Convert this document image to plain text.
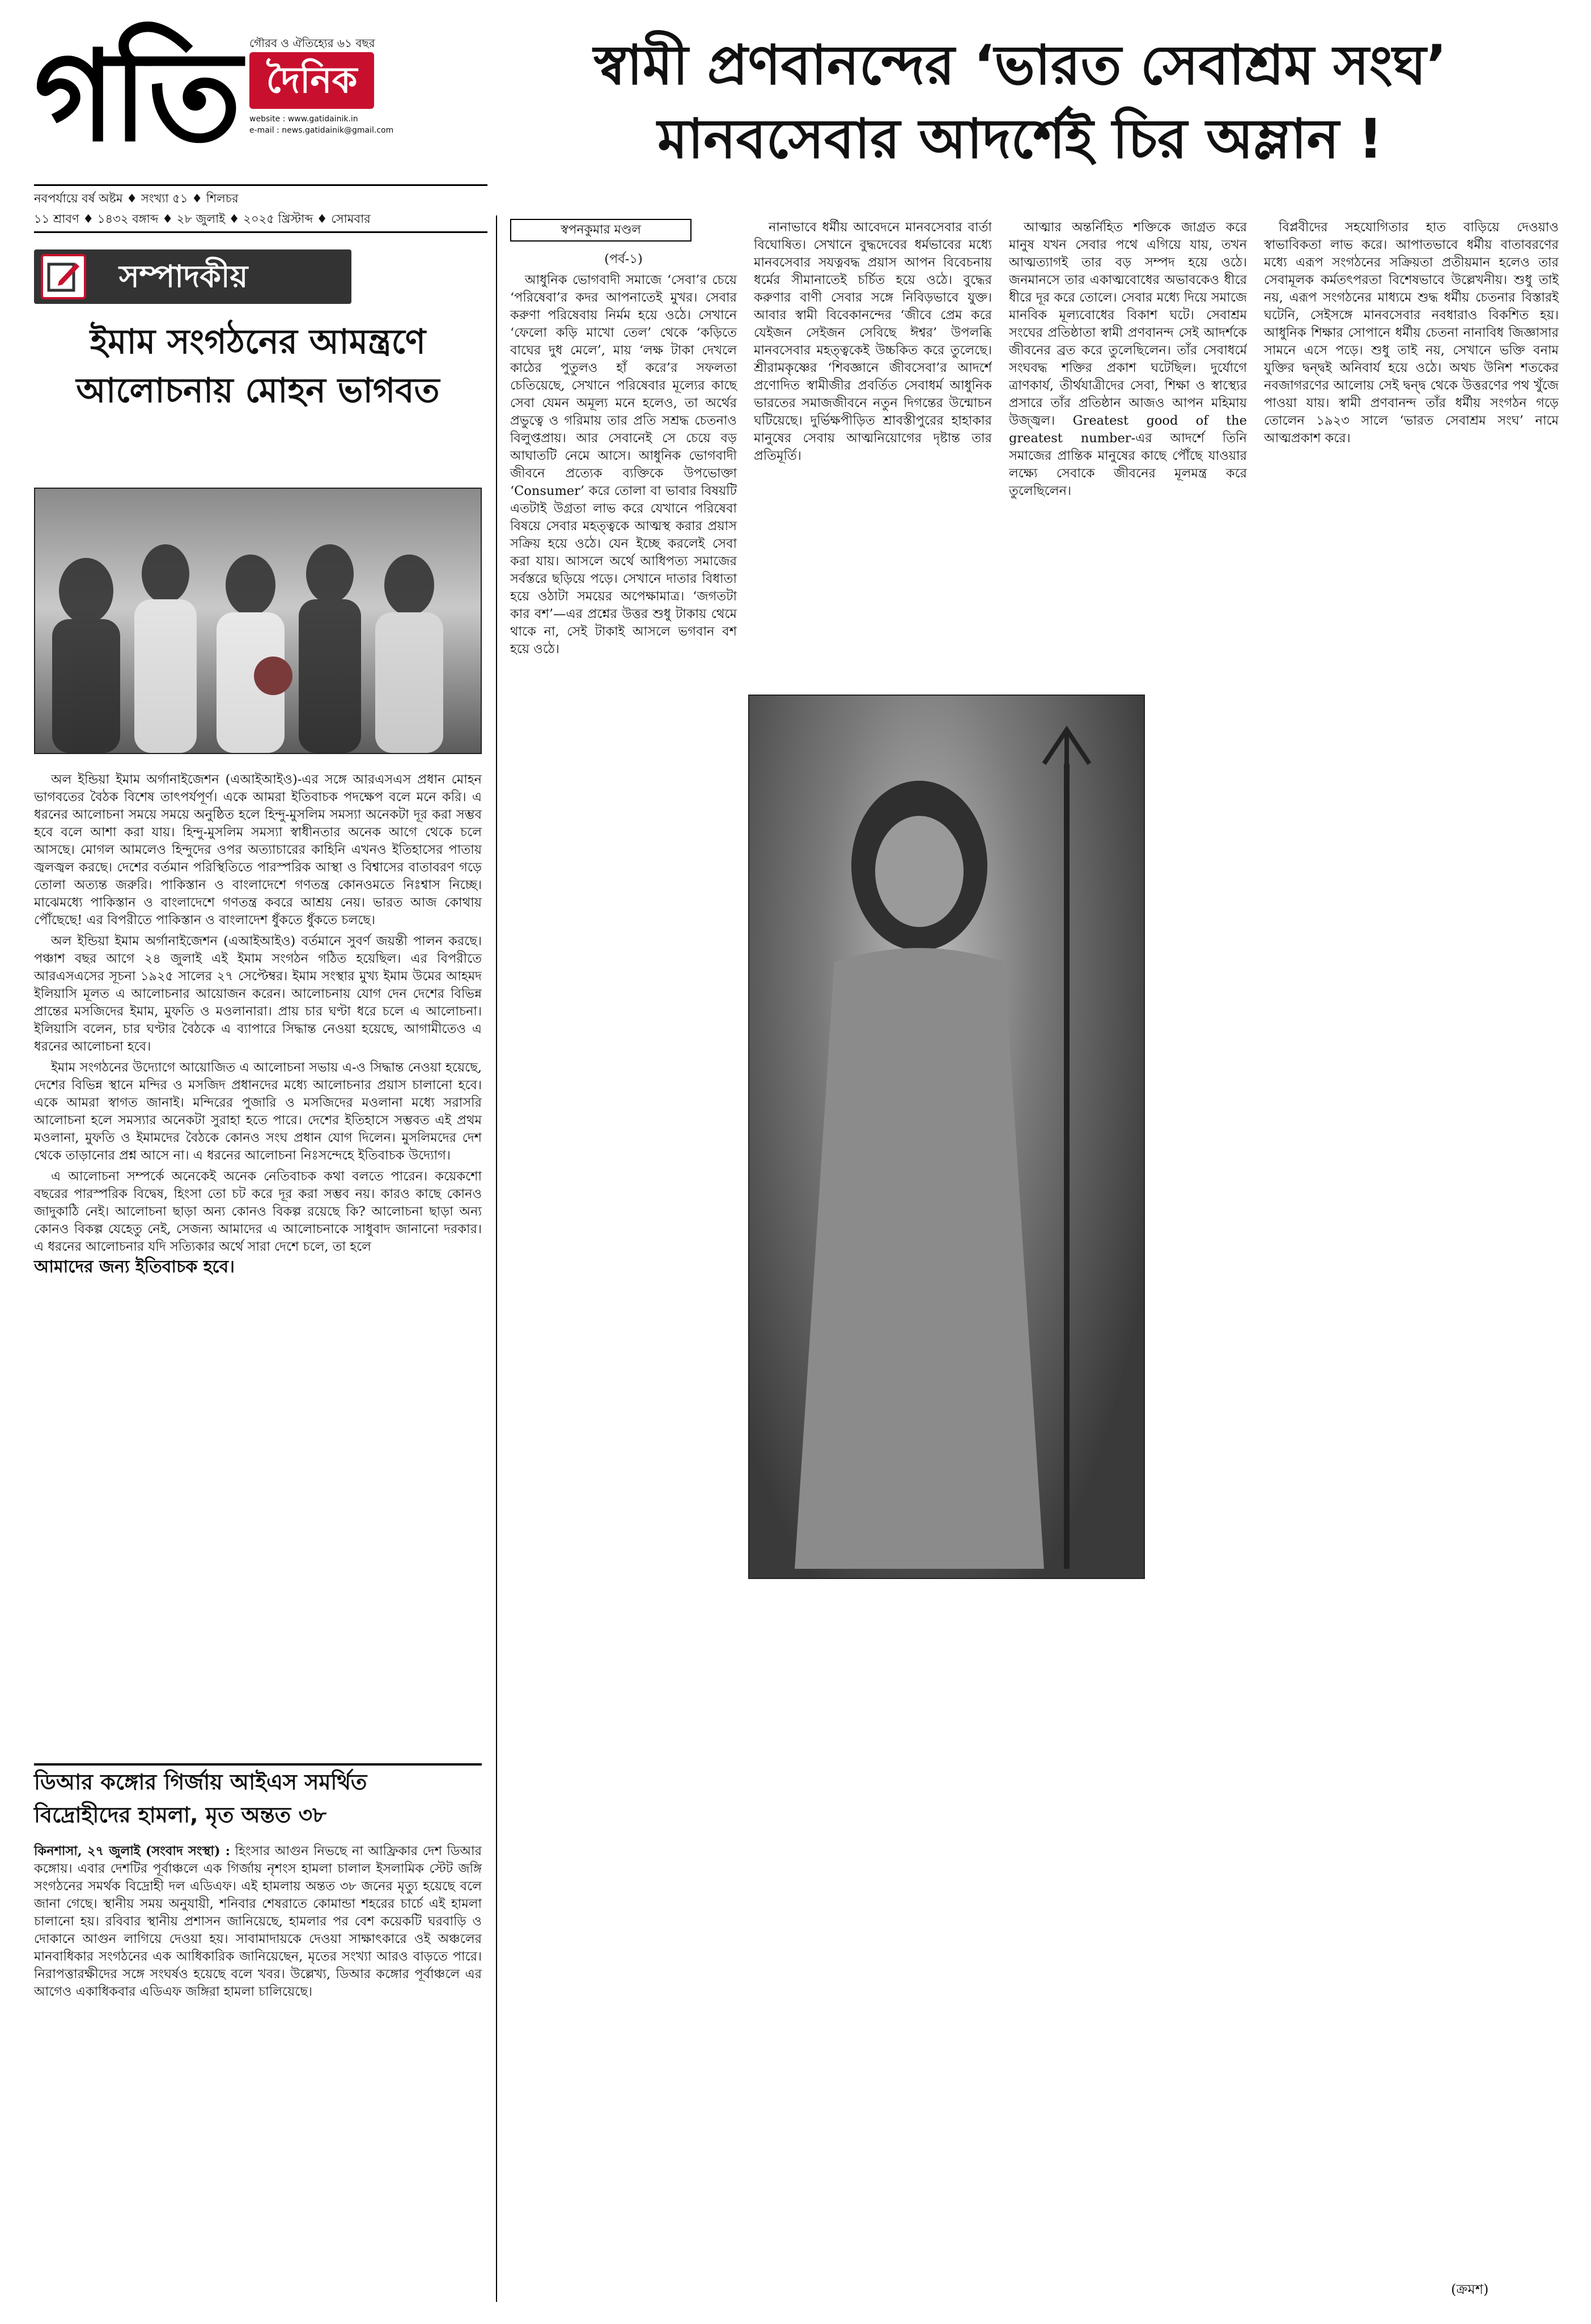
গতি গৌরব ও ঐতিহ্যের ৬১ বছর
দৈনিক
website : www.gatidainik.in
e-mail : news.gatidainik@gmail.com
স্বামী প্রণবানন্দের ‘ভারত সেবাশ্রম সংঘ’
মানবসেবার আদর্শেই চির অম্লান !
নবপর্যায়ে বর্ষ অষ্টম ♦ সংখ্যা ৫১ ♦ শিলচর
১১ শ্রাবণ ♦ ১৪৩২ বঙ্গাব্দ ♦ ২৮ জুলাই ♦ ২০২৫ খ্রিস্টাব্দ ♦ সোমবার
সম্পাদকীয়
ইমাম সংগঠনের আমন্ত্রণে
আলোচনায় মোহন ভাগবত

অল ইন্ডিয়া ইমাম অর্গানাইজেশন (এআইআইও)-এর সঙ্গে আরএসএস প্রধান মোহন ভাগবতের বৈঠক বিশেষ তাৎপর্যপূর্ণ। একে আমরা ইতিবাচক পদক্ষেপ বলে মনে করি। এ ধরনের আলোচনা সময়ে সময়ে অনুষ্ঠিত হলে হিন্দু-মুসলিম সমস্যা অনেকটা দূর করা সম্ভব হবে বলে আশা করা যায়। হিন্দু-মুসলিম সমস্যা স্বাধীনতার অনেক আগে থেকে চলে আসছে। মোগল আমলেও হিন্দুদের ওপর অত্যাচারের কাহিনি এখনও ইতিহাসের পাতায় জ্বলজ্বল করছে। দেশের বর্তমান পরিস্থিতিতে পারস্পরিক আস্থা ও বিশ্বাসের বাতাবরণ গড়ে তোলা অত্যন্ত জরুরি। পাকিস্তান ও বাংলাদেশে গণতন্ত্র কোনওমতে নিঃশ্বাস নিচ্ছে। মাঝেমধ্যে পাকিস্তান ও বাংলাদেশে গণতন্ত্র কবরে আশ্রয় নেয়। ভারত আজ কোথায় পৌঁছেছে! এর বিপরীতে পাকিস্তান ও বাংলাদেশ ধুঁকতে ধুঁকতে চলছে।

অল ইন্ডিয়া ইমাম অর্গানাইজেশন (এআইআইও) বর্তমানে সুবর্ণ জয়ন্তী পালন করছে। পঞ্চাশ বছর আগে ২৪ জুলাই এই ইমাম সংগঠন গঠিত হয়েছিল। এর বিপরীতে আরএসএসের সূচনা ১৯২৫ সালের ২৭ সেপ্টেম্বর। ইমাম সংস্থার মুখ্য ইমাম উমের আহমদ ইলিয়াসি মূলত এ আলোচনার আয়োজন করেন। আলোচনায় যোগ দেন দেশের বিভিন্ন প্রান্তের মসজিদের ইমাম, মুফতি ও মওলানারা। প্রায় চার ঘণ্টা ধরে চলে এ আলোচনা। ইলিয়াসি বলেন, চার ঘণ্টার বৈঠকে এ ব্যাপারে সিদ্ধান্ত নেওয়া হয়েছে, আগামীতেও এ ধরনের আলোচনা হবে।

ইমাম সংগঠনের উদ্যোগে আয়োজিত এ আলোচনা সভায় এ-ও সিদ্ধান্ত নেওয়া হয়েছে, দেশের বিভিন্ন স্থানে মন্দির ও মসজিদ প্রধানদের মধ্যে আলোচনার প্রয়াস চালানো হবে। একে আমরা স্বাগত জানাই। মন্দিরের পুজারি ও মসজিদের মওলানা মধ্যে সরাসরি আলোচনা হলে সমস্যার অনেকটা সুরাহা হতে পারে। দেশের ইতিহাসে সম্ভবত এই প্রথম মওলানা, মুফতি ও ইমামদের বৈঠকে কোনও সংঘ প্রধান যোগ দিলেন। মুসলিমদের দেশ থেকে তাড়ানোর প্রশ্ন আসে না। এ ধরনের আলোচনা নিঃসন্দেহে ইতিবাচক উদ্যোগ।

এ আলোচনা সম্পর্কে অনেকেই অনেক নেতিবাচক কথা বলতে পারেন। কয়েকশো বছরের পারস্পরিক বিদ্বেষ, হিংসা তো চট করে দূর করা সম্ভব নয়। কারও কাছে কোনও জাদুকাঠি নেই। আলোচনা ছাড়া অন্য কোনও বিকল্প রয়েছে কি? আলোচনা ছাড়া অন্য কোনও বিকল্প যেহেতু নেই, সেজন্য আমাদের এ আলোচনাকে সাধুবাদ জানানো দরকার। এ ধরনের আলোচনার যদি সত্যিকার অর্থে সারা দেশে চলে, তা হলে

আমাদের জন্য ইতিবাচক হবে।

ডিআর কঙ্গোর গির্জায় আইএস সমর্থিত
বিদ্রোহীদের হামলা, মৃত অন্তত ৩৮
কিনশাসা, ২৭ জুলাই (সংবাদ সংস্থা) : হিংসার আগুন নিভছে না আফ্রিকার দেশ ডিআর কঙ্গোয়। এবার দেশটির পূর্বাঞ্চলে এক গির্জায় নৃশংস হামলা চালাল ইসলামিক স্টেট জঙ্গি সংগঠনের সমর্থক বিদ্রোহী দল এডিএফ। এই হামলায় অন্তত ৩৮ জনের মৃত্যু হয়েছে বলে জানা গেছে। স্থানীয় সময় অনুযায়ী, শনিবার শেষরাতে কোমান্ডা শহরের চার্চে এই হামলা চালানো হয়। রবিবার স্থানীয় প্রশাসন জানিয়েছে, হামলার পর বেশ কয়েকটি ঘরবাড়ি ও দোকানে আগুন লাগিয়ে দেওয়া হয়। সাবামাদায়কে দেওয়া সাক্ষাৎকারে ওই অঞ্চলের মানবাধিকার সংগঠনের এক আধিকারিক জানিয়েছেন, মৃতের সংখ্যা আরও বাড়তে পারে। নিরাপত্তারক্ষীদের সঙ্গে সংঘর্ষও হয়েছে বলে খবর। উল্লেখ্য, ডিআর কঙ্গোর পূর্বাঞ্চলে এর আগেও একাধিকবার এডিএফ জঙ্গিরা হামলা চালিয়েছে।
স্বপনকুমার মণ্ডল
(পর্ব-১)

আধুনিক ভোগবাদী সমাজে ‘সেবা’র চেয়ে ‘পরিষেবা’র কদর আপনাতেই মুখর। সেবার করুণা পরিষেবায় নির্মম হয়ে ওঠে। সেখানে ‘ফেলো কড়ি মাখো তেল’ থেকে ‘কড়িতে বাঘের দুধ মেলে’, মায় ‘লক্ষ টাকা দেখলে কাঠের পুতুলও হাঁ করে’র সফলতা চেতিয়েছে, সেখানে পরিষেবার মূল্যের কাছে সেবা যেমন অমূল্য মনে হলেও, তা অর্থের প্রভুত্বে ও গরিমায় তার প্রতি সশ্রদ্ধ চেতনাও বিলুপ্তপ্রায়। আর সেবানেই সে চেয়ে বড় আঘাতটি নেমে আসে। আধুনিক ভোগবাদী জীবনে প্রত্যেক ব্যক্তিকে উপভোক্তা ‘Consumer’ করে তোলা বা ভাবার বিষয়টি এতটাই উগ্রতা লাভ করে যেখানে পরিষেবা বিষয়ে সেবার মহত্ত্বকে আত্মস্থ করার প্রয়াস সক্রিয় হয়ে ওঠে। যেন ইচ্ছে করলেই সেবা করা যায়। আসলে অর্থে আধিপত্য সমাজের সর্বস্তরে ছড়িয়ে পড়ে। সেখানে দাতার বিধাতা হয়ে ওঠাটা সময়ের অপেক্ষামাত্র। ‘জগতটা কার বশ’—এর প্রশ্নের উত্তর শুধু টাকায় থেমে থাকে না, সেই টাকাই আসলে ভগবান বশ হয়ে ওঠে।

নানাভাবে ধর্মীয় আবেদনে মানবসেবার বার্তা বিঘোষিত। সেখানে বুদ্ধদেবের ধর্মভাবের মধ্যে মানবসেবার সযত্নবদ্ধ প্রয়াস আপন বিবেচনায় ধর্মের সীমানাতেই চর্চিত হয়ে ওঠে। বুদ্ধের করুণার বাণী সেবার সঙ্গে নিবিড়ভাবে যুক্ত। আবার স্বামী বিবেকানন্দের ‘জীবে প্রেম করে যেইজন সেইজন সেবিছে ঈশ্বর’ উপলব্ধি মানবসেবার মহত্ত্বকেই উচ্চকিত করে তুলেছে। শ্রীরামকৃষ্ণের ‘শিবজ্ঞানে জীবসেবা’র আদর্শে প্রণোদিত স্বামীজীর প্রবর্তিত সেবাধর্ম আধুনিক ভারতের সমাজজীবনে নতুন দিগন্তের উন্মোচন ঘটিয়েছে। দুর্ভিক্ষপীড়িত শ্রাবস্তীপুরের হাহাকার মানুষের সেবায় আত্মনিয়োগের দৃষ্টান্ত তার প্রতিমূর্তি।

আত্মার অন্তর্নিহিত শক্তিকে জাগ্রত করে মানুষ যখন সেবার পথে এগিয়ে যায়, তখন আত্মত্যাগই তার বড় সম্পদ হয়ে ওঠে। জনমানসে তার একাত্মবোধের অভাবকেও ধীরে ধীরে দূর করে তোলে। সেবার মধ্যে দিয়ে সমাজে মানবিক মূল্যবোধের বিকাশ ঘটে। সেবাশ্রম সংঘের প্রতিষ্ঠাতা স্বামী প্রণবানন্দ সেই আদর্শকে জীবনের ব্রত করে তুলেছিলেন। তাঁর সেবাধর্মে সংঘবদ্ধ শক্তির প্রকাশ ঘটেছিল। দুর্যোগে ত্রাণকার্য, তীর্থযাত্রীদের সেবা, শিক্ষা ও স্বাস্থ্যের প্রসারে তাঁর প্রতিষ্ঠান আজও আপন মহিমায় উজ্জ্বল। Greatest good of the greatest number-এর আদর্শে তিনি সমাজের প্রান্তিক মানুষের কাছে পৌঁছে যাওয়ার লক্ষ্যে সেবাকে জীবনের মূলমন্ত্র করে তুলেছিলেন।

বিপ্লবীদের সহযোগিতার হাত বাড়িয়ে দেওয়াও স্বাভাবিকতা লাভ করে। আপাতভাবে ধর্মীয় বাতাবরণের মধ্যে এরূপ সংগঠনের সক্রিয়তা প্রতীয়মান হলেও তার সেবামূলক কর্মতৎপরতা বিশেষভাবে উল্লেখনীয়। শুধু তাই নয়, এরূপ সংগঠনের মাধ্যমে শুদ্ধ ধর্মীয় চেতনার বিস্তারই ঘটেনি, সেইসঙ্গে মানবসেবার নবধারাও বিকশিত হয়। আধুনিক শিক্ষার সোপানে ধর্মীয় চেতনা নানাবিধ জিজ্ঞাসার সামনে এসে পড়ে। শুধু তাই নয়, সেখানে ভক্তি বনাম যুক্তির দ্বন্দ্বই অনিবার্য হয়ে ওঠে। অথচ উনিশ শতকের নবজাগরণের আলোয় সেই দ্বন্দ্ব থেকে উত্তরণের পথ খুঁজে পাওয়া যায়। স্বামী প্রণবানন্দ তাঁর ধর্মীয় সংগঠন গড়ে তোলেন ১৯২৩ সালে ‘ভারত সেবাশ্রম সংঘ’ নামে আত্মপ্রকাশ করে।

(ক্রমশ)
